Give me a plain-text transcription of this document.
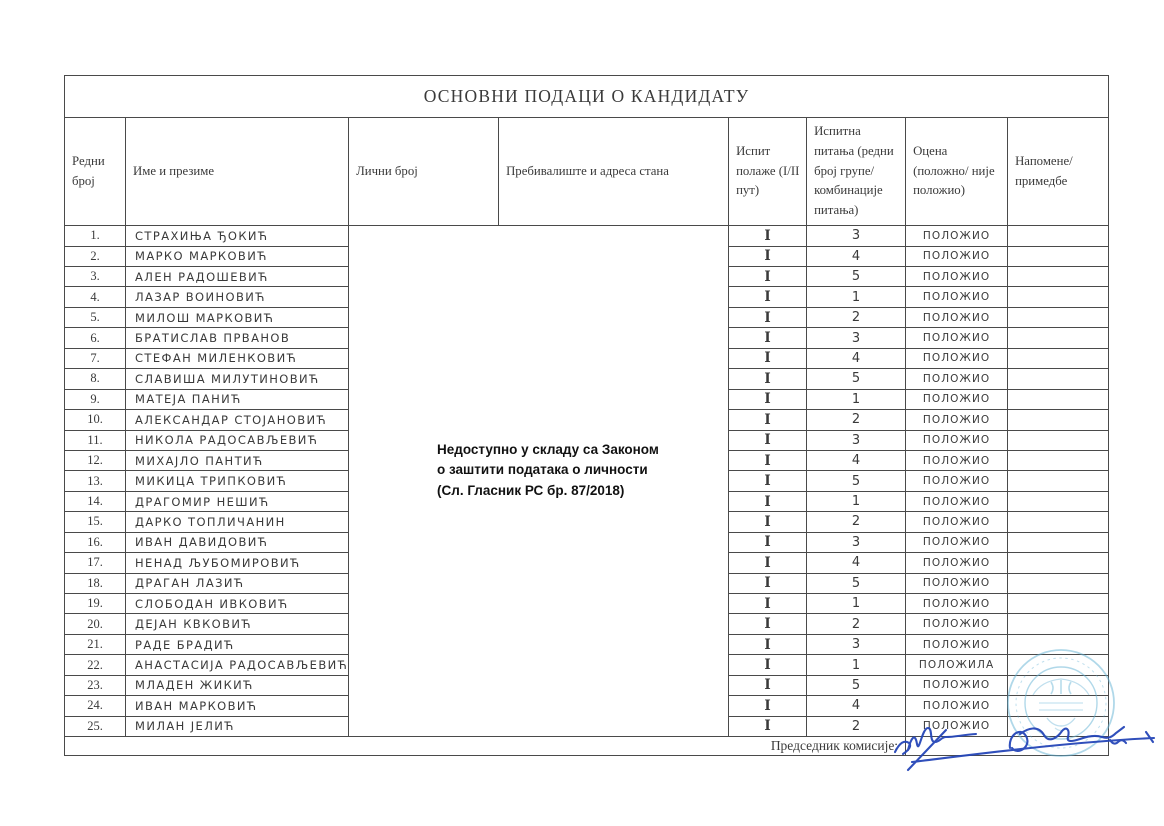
ОСНОВНИ ПОДАЦИ О КАНДИДАТУ							
Редни број	Име и презиме	Лични број	Пребивалиште и адреса стана	Испит полаже (I/II пут)	Испитна питања (редни број групе/ комбинације питања)	Оцена (положно/ није положио)	Напомене/ примедбе
1.	СТРАХИЊА ЂОКИЋ			I	3	ПОЛОЖИО	
2.	МАРКО МАРКОВИЋ			I	4	ПОЛОЖИО	
3.	АЛЕН РАДОШЕВИЋ			I	5	ПОЛОЖИО	
4.	ЛАЗАР ВОИНОВИЋ			I	1	ПОЛОЖИО	
5.	МИЛОШ МАРКОВИЋ			I	2	ПОЛОЖИО	
6.	БРАТИСЛАВ ПРВАНОВ			I	3	ПОЛОЖИО	
7.	СТЕФАН МИЛЕНКОВИЋ			I	4	ПОЛОЖИО	
8.	СЛАВИША МИЛУТИНОВИЋ			I	5	ПОЛОЖИО	
9.	МАТЕЈА ПАНИЋ			I	1	ПОЛОЖИО	
10.	АЛЕКСАНДАР СТОЈАНОВИЋ			I	2	ПОЛОЖИО	
11.	НИКОЛА РАДОСАВЉЕВИЋ			I	3	ПОЛОЖИО	
12.	МИХАЈЛО ПАНТИЋ			I	4	ПОЛОЖИО	
13.	МИКИЦА ТРИПКОВИЋ			I	5	ПОЛОЖИО	
14.	ДРАГОМИР НЕШИЋ			I	1	ПОЛОЖИО	
15.	ДАРКО ТОПЛИЧАНИН			I	2	ПОЛОЖИО	
16.	ИВАН ДАВИДОВИЋ			I	3	ПОЛОЖИО	
17.	НЕНАД ЉУБОМИРОВИЋ			I	4	ПОЛОЖИО	
18.	ДРАГАН ЛАЗИЋ			I	5	ПОЛОЖИО	
19.	СЛОБОДАН ИВКОВИЋ			I	1	ПОЛОЖИО	
20.	ДЕЈАН КВКОВИЋ			I	2	ПОЛОЖИО	
21.	РАДЕ БРАДИЋ			I	3	ПОЛОЖИО	
22.	АНАСТАСИЈА РАДОСАВЉЕВИЋ			I	1	ПОЛОЖИЛА	
23.	МЛАДЕН ЖИКИЋ			I	5	ПОЛОЖИО	
24.	ИВАН МАРКОВИЋ			I	4	ПОЛОЖИО	
25.	МИЛАН ЈЕЛИЋ			I	2	ПОЛОЖИО	
Председник комисије:							
Недоступно у складу са Законом о заштити података о личности (Сл. Гласник РС бр. 87/2018)
